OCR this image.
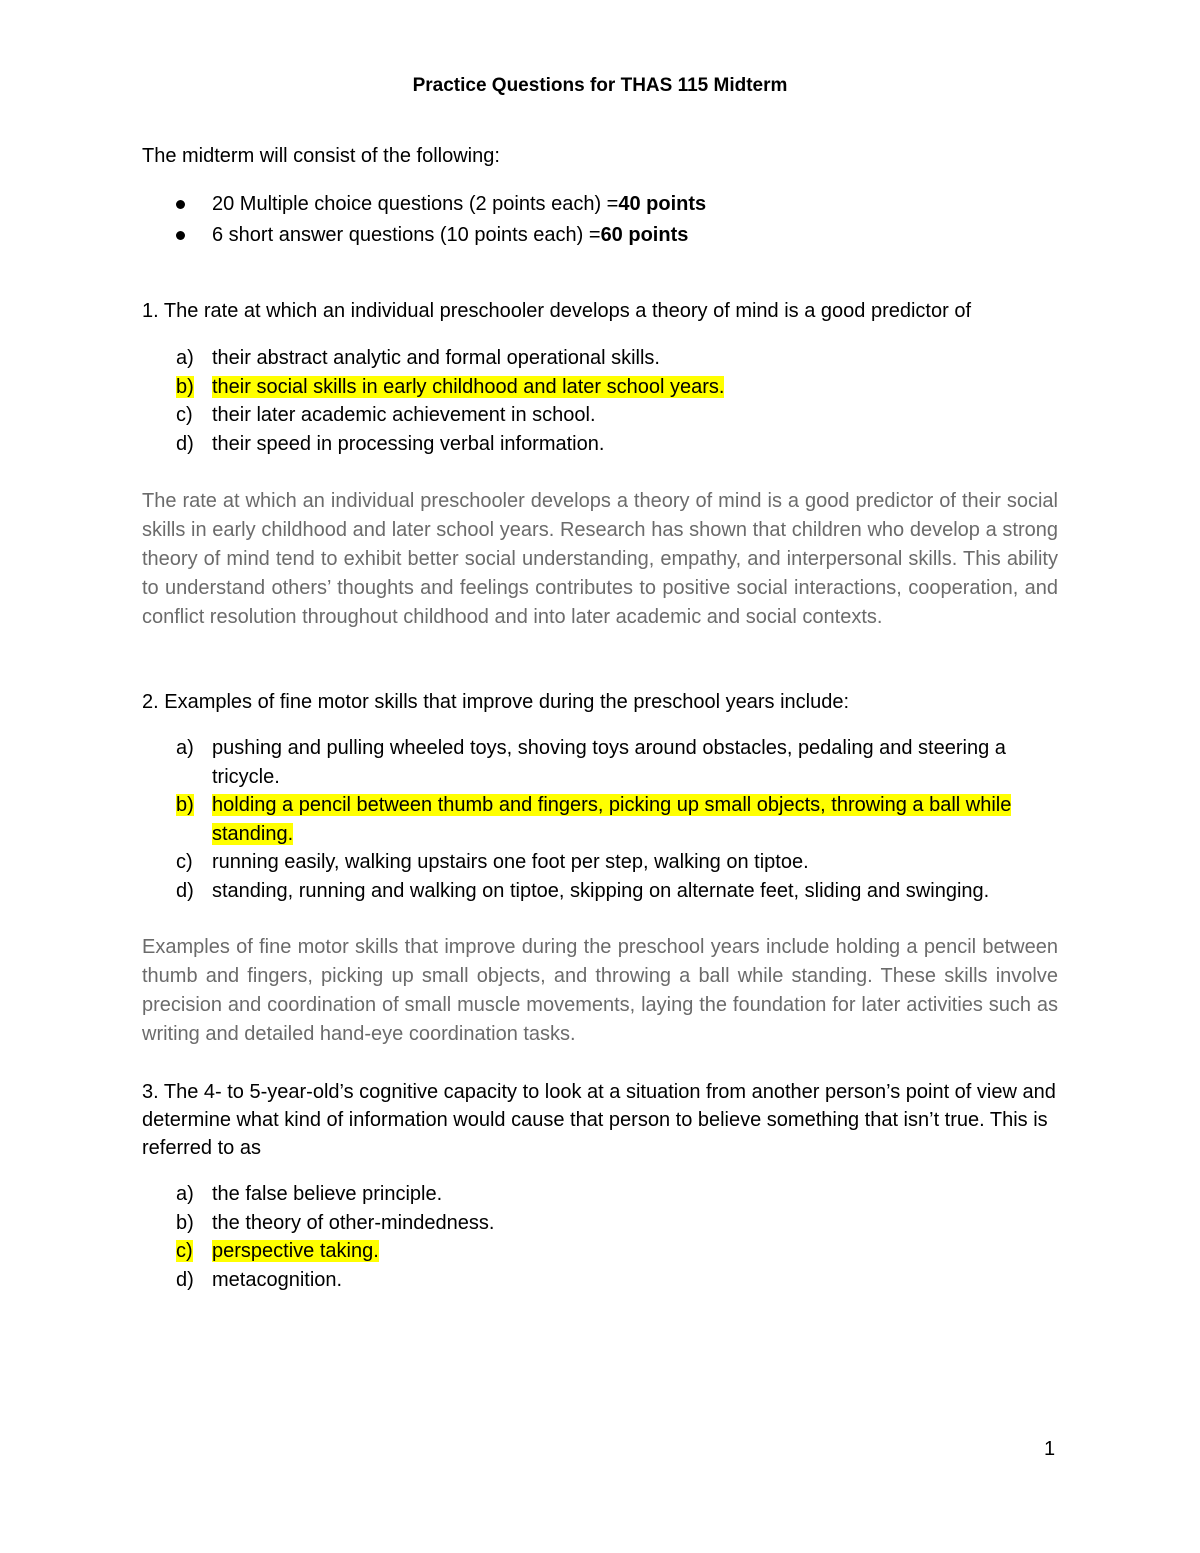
Practice Questions for THAS 115 Midterm
The midterm will consist of the following:
20 Multiple choice questions (2 points each) = 40 points
6 short answer questions (10 points each) = 60 points
1. The rate at which an individual preschooler develops a theory of mind is a good predictor of
a) their abstract analytic and formal operational skills.
b) their social skills in early childhood and later school years.
c) their later academic achievement in school.
d) their speed in processing verbal information.
The rate at which an individual preschooler develops a theory of mind is a good predictor of their social skills in early childhood and later school years. Research has shown that children who develop a strong theory of mind tend to exhibit better social understanding, empathy, and interpersonal skills. This ability to understand others’ thoughts and feelings contributes to positive social interactions, cooperation, and conflict resolution throughout childhood and into later academic and social contexts.
2. Examples of fine motor skills that improve during the preschool years include:
a) pushing and pulling wheeled toys, shoving toys around obstacles, pedaling and steering a tricycle.
b) holding a pencil between thumb and fingers, picking up small objects, throwing a ball while standing.
c) running easily, walking upstairs one foot per step, walking on tiptoe.
d) standing, running and walking on tiptoe, skipping on alternate feet, sliding and swinging.
Examples of fine motor skills that improve during the preschool years include holding a pencil between thumb and fingers, picking up small objects, and throwing a ball while standing. These skills involve precision and coordination of small muscle movements, laying the foundation for later activities such as writing and detailed hand-eye coordination tasks.
3. The 4- to 5-year-old’s cognitive capacity to look at a situation from another person’s point of view and determine what kind of information would cause that person to believe something that isn’t true. This is referred to as
a) the false believe principle.
b) the theory of other-mindedness.
c) perspective taking.
d) metacognition.
1
